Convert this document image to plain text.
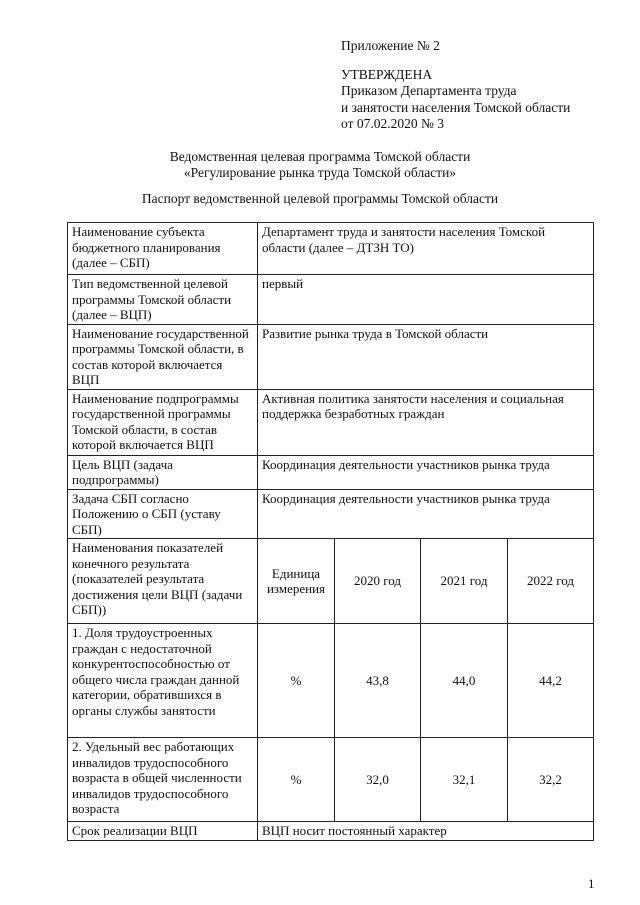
Приложение № 2
УТВЕРЖДЕНА
Приказом Департамента труда
и занятости населения Томской области
от 07.02.2020 № 3
Ведомственная целевая программа Томской области
«Регулирование рынка труда Томской области»
Паспорт ведомственной целевой программы Томской области
Наименование субъекта бюджетного планирования (далее – СБП)	Департамент труда и занятости населения Томской области (далее – ДТЗН ТО)			
Тип ведомственной целевой программы Томской области (далее – ВЦП)	первый			
Наименование государственной программы Томской области, в состав которой включается ВЦП	Развитие рынка труда в Томской области			
Наименование подпрограммы государственной программы Томской области, в состав которой включается ВЦП	Активная политика занятости населения и социальная поддержка безработных граждан			
Цель ВЦП (задача подпрограммы)	Координация деятельности участников рынка труда			
Задача СБП согласно Положению о СБП (уставу СБП)	Координация деятельности участников рынка труда			
Наименования показателей конечного результата (показателей результата достижения цели ВЦП (задачи СБП))	Единица измерения	2020 год	2021 год	2022 год
1. Доля трудоустроенных граждан с недостаточной конкурентоспособностью от общего числа граждан данной категории, обратившихся в органы службы занятости	%	43,8	44,0	44,2
2. Удельный вес работающих инвалидов трудоспособного возраста в общей численности инвалидов трудоспособного возраста	%	32,0	32,1	32,2
Срок реализации ВЦП	ВЦП носит постоянный характер			
1
